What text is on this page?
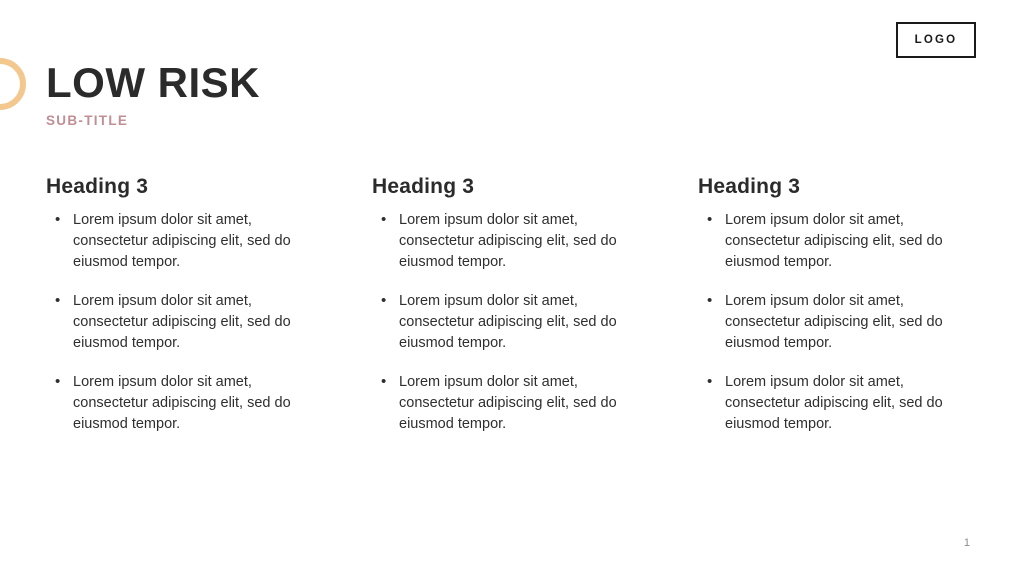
LOGO
LOW RISK
SUB-TITLE
Heading 3
• Lorem ipsum dolor sit amet, consectetur adipiscing elit, sed do eiusmod tempor.
• Lorem ipsum dolor sit amet, consectetur adipiscing elit, sed do eiusmod tempor.
• Lorem ipsum dolor sit amet, consectetur adipiscing elit, sed do eiusmod tempor.
Heading 3
• Lorem ipsum dolor sit amet, consectetur adipiscing elit, sed do eiusmod tempor.
• Lorem ipsum dolor sit amet, consectetur adipiscing elit, sed do eiusmod tempor.
• Lorem ipsum dolor sit amet, consectetur adipiscing elit, sed do eiusmod tempor.
Heading 3
• Lorem ipsum dolor sit amet, consectetur adipiscing elit, sed do eiusmod tempor.
• Lorem ipsum dolor sit amet, consectetur adipiscing elit, sed do eiusmod tempor.
• Lorem ipsum dolor sit amet, consectetur adipiscing elit, sed do eiusmod tempor.
1
